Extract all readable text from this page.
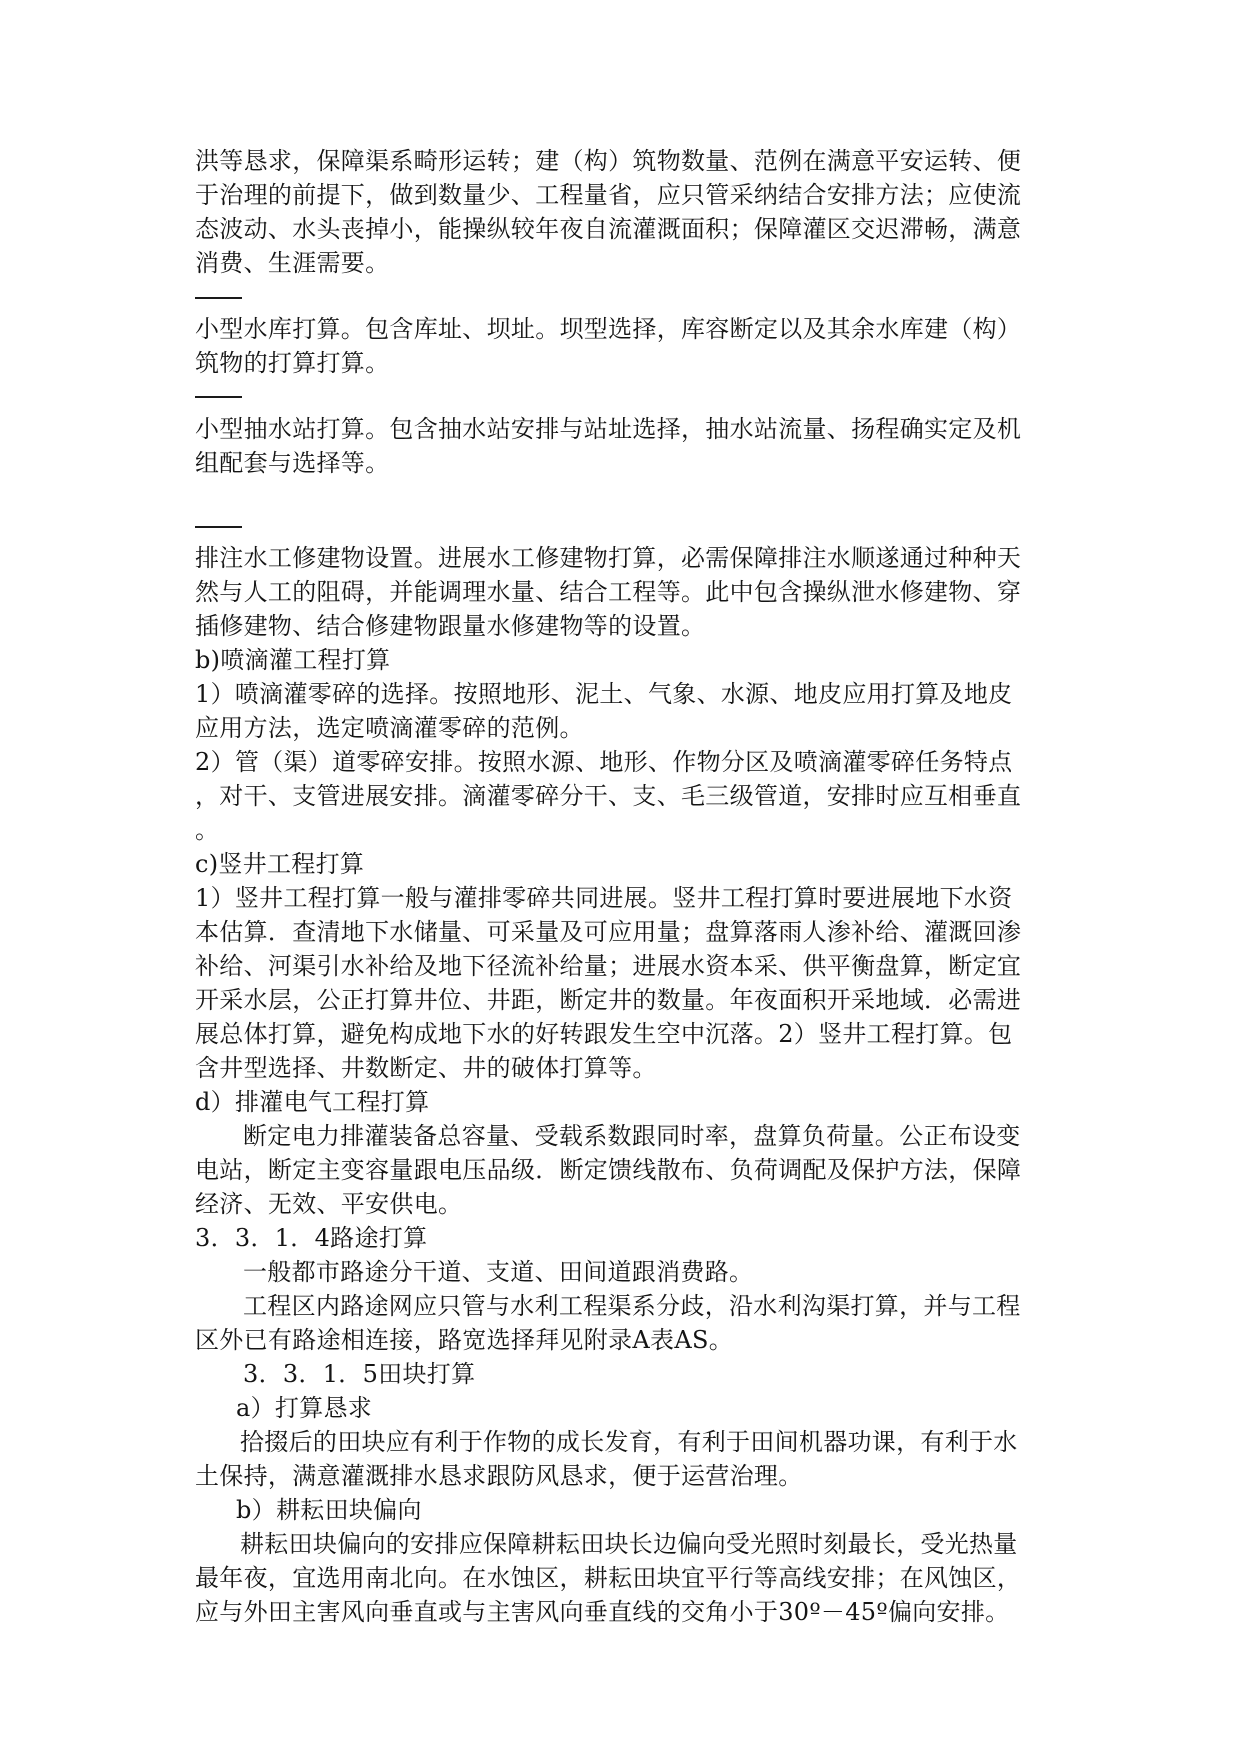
洪等恳求，保障渠系畸形运转；建（构）筑物数量、范例在满意平安运转、便

于治理的前提下，做到数量少、工程量省，应只管采纳结合安排方法；应使流

态波动、水头丧掉小，能操纵较年夜自流灌溉面积；保障灌区交迟滞畅，满意

消费、生涯需要。

小型水库打算。包含库址、坝址。坝型选择，库容断定以及其余水库建（构）

筑物的打算打算。

小型抽水站打算。包含抽水站安排与站址选择，抽水站流量、扬程确实定及机

组配套与选择等。

排注水工修建物设置。进展水工修建物打算，必需保障排注水顺遂通过种种天

然与人工的阻碍，并能调理水量、结合工程等。此中包含操纵泄水修建物、穿

插修建物、结合修建物跟量水修建物等的设置。

b)喷滴灌工程打算

1）喷滴灌零碎的选择。按照地形、泥土、气象、水源、地皮应用打算及地皮

应用方法，选定喷滴灌零碎的范例。

2）管（渠）道零碎安排。按照水源、地形、作物分区及喷滴灌零碎任务特点

，对干、支管进展安排。滴灌零碎分干、支、毛三级管道，安排时应互相垂直

。

c)竖井工程打算

1）竖井工程打算一般与灌排零碎共同进展。竖井工程打算时要进展地下水资

本估算．查清地下水储量、可采量及可应用量；盘算落雨人渗补给、灌溉回渗

补给、河渠引水补给及地下径流补给量；进展水资本采、供平衡盘算，断定宜

开采水层，公正打算井位、井距，断定井的数量。年夜面积开采地域．必需进

展总体打算，避免构成地下水的好转跟发生空中沉落。2）竖井工程打算。包

含井型选择、井数断定、井的破体打算等。

d）排灌电气工程打算

断定电力排灌装备总容量、受载系数跟同时率，盘算负荷量。公正布设变

电站，断定主变容量跟电压品级．断定馈线散布、负荷调配及保护方法，保障

经济、无效、平安供电。

3．3．1．4路途打算

一般都市路途分干道、支道、田间道跟消费路。

工程区内路途网应只管与水利工程渠系分歧，沿水利沟渠打算，并与工程

区外已有路途相连接，路宽选择拜见附录A表AS。

3．3．1．5田块打算

a）打算恳求

拾掇后的田块应有利于作物的成长发育，有利于田间机器功课，有利于水

土保持，满意灌溉排水恳求跟防风恳求，便于运营治理。

b）耕耘田块偏向

耕耘田块偏向的安排应保障耕耘田块长边偏向受光照时刻最长，受光热量

最年夜，宜选用南北向。在水蚀区，耕耘田块宜平行等高线安排；在风蚀区，

应与外田主害风向垂直或与主害风向垂直线的交角小于30º－45º偏向安排。
